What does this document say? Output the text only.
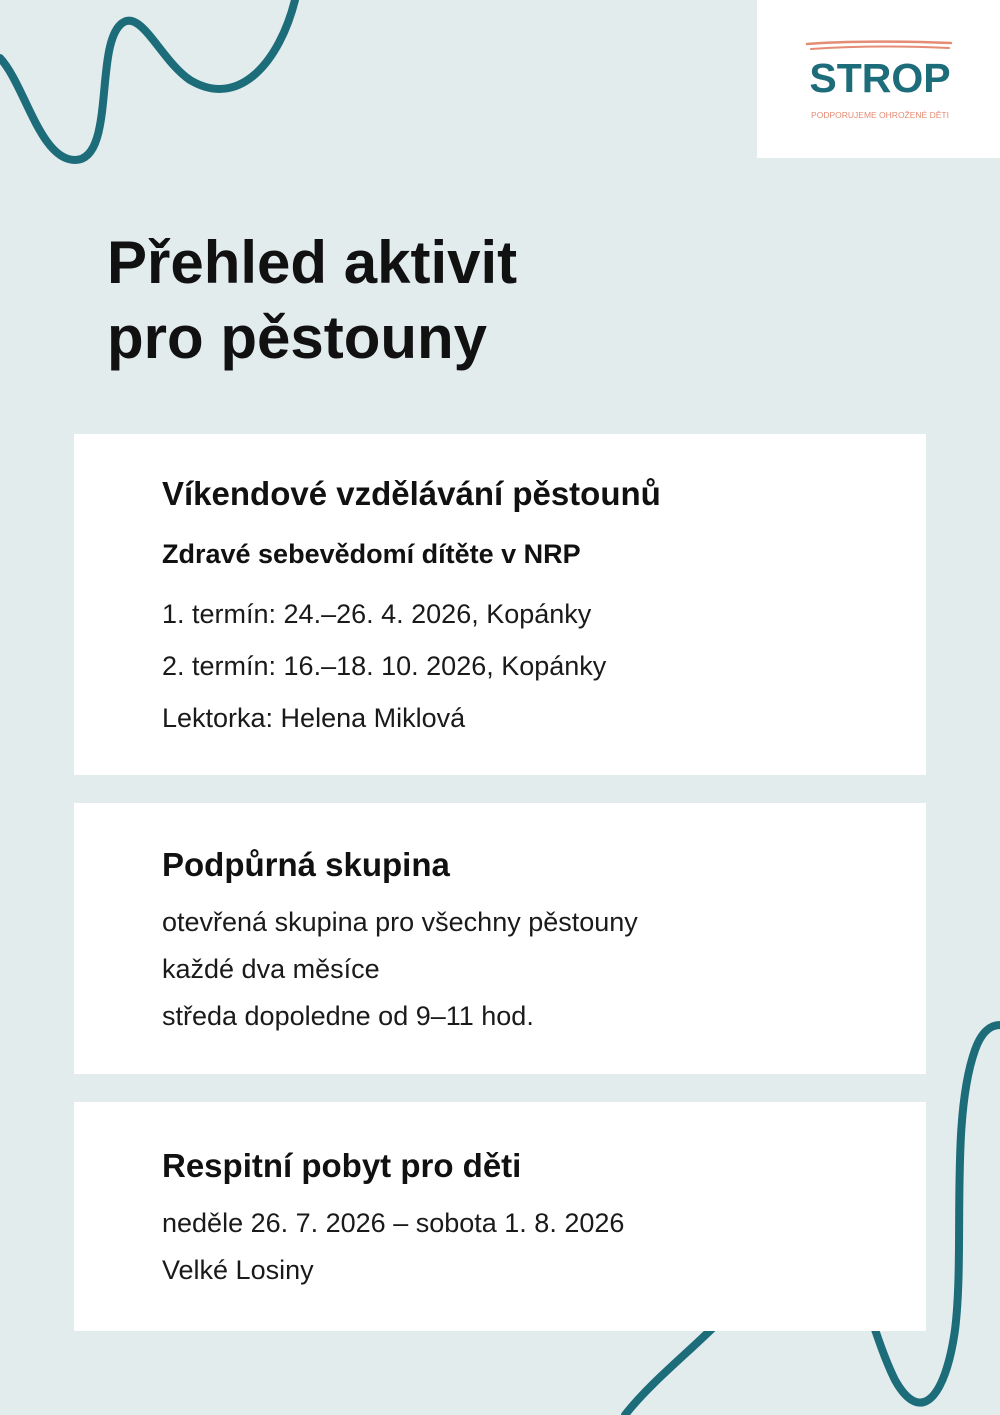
STROP
PODPORUJEME OHROŽENÉ DĚTI
Přehled aktivit
pro pěstouny
Víkendové vzdělávání pěstounů

Zdravé sebevědomí dítěte v NRP

1. termín: 24.–26. 4. 2026, Kopánky

2. termín: 16.–18. 10. 2026, Kopánky

Lektorka: Helena Miklová

Podpůrná skupina

otevřená skupina pro všechny pěstouny

každé dva měsíce

středa dopoledne od 9–11 hod.

Respitní pobyt pro děti

neděle 26. 7. 2026 – sobota 1. 8. 2026

Velké Losiny
